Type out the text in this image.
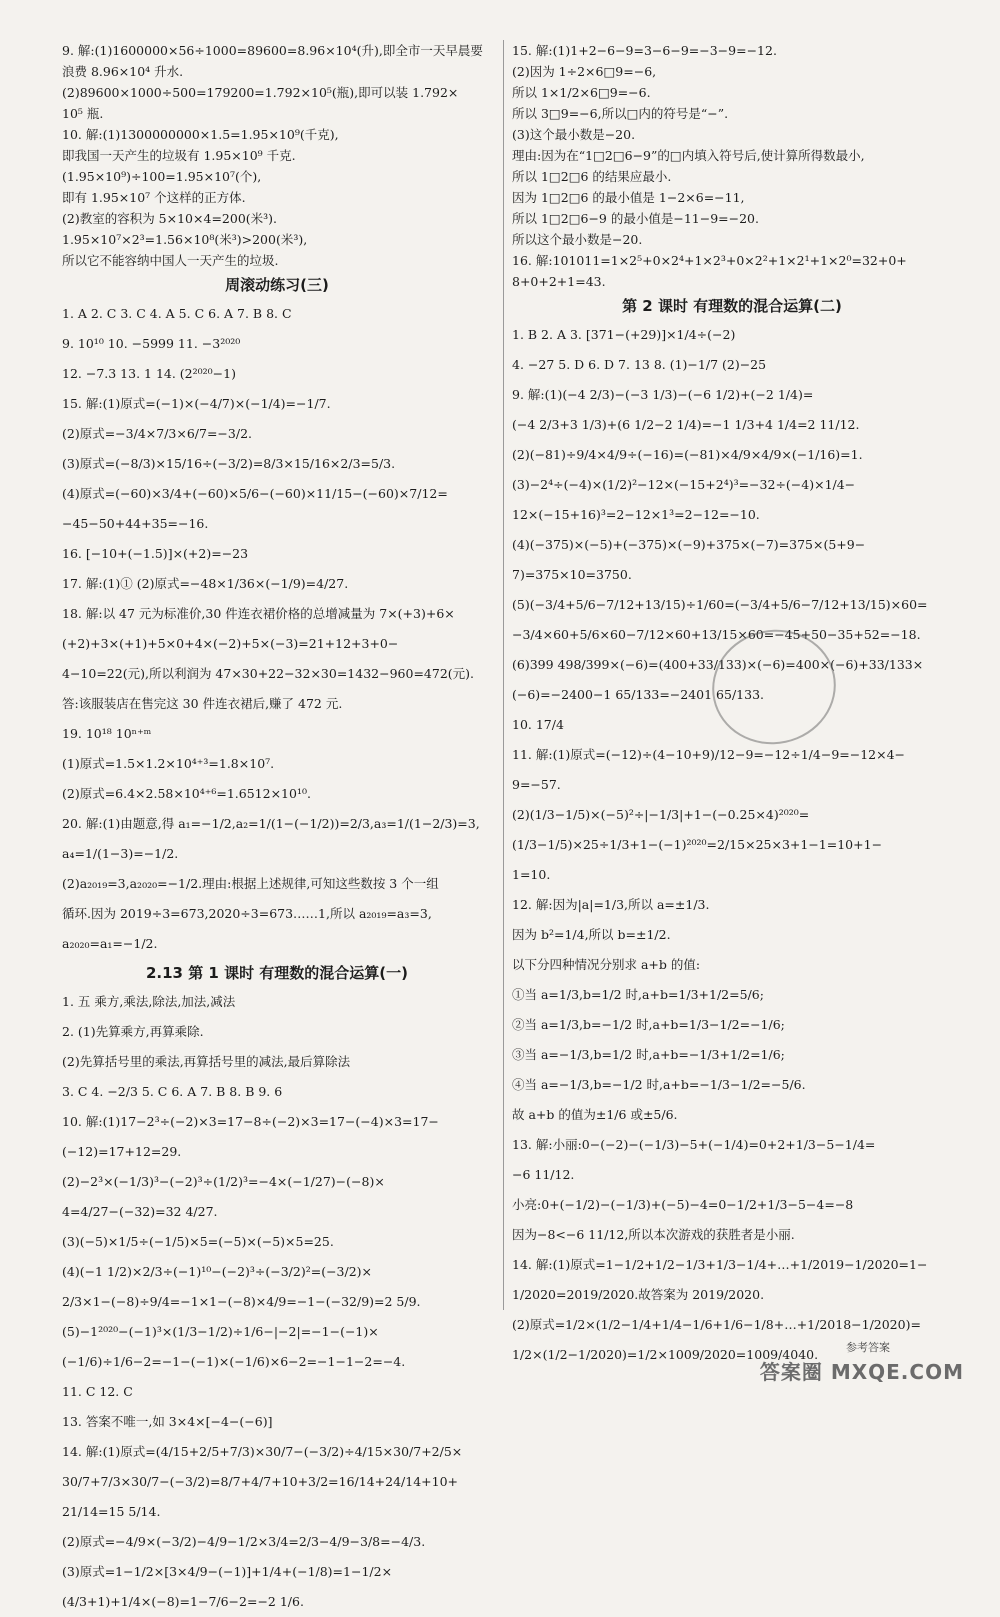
9. 解:(1)1600000×56÷1000=89600=8.96×10⁴(升),即全市一天早晨要
浪费 8.96×10⁴ 升水.
(2)89600×1000÷500=179200=1.792×10⁵(瓶),即可以装 1.792×
10⁵ 瓶.
10. 解:(1)1300000000×1.5=1.95×10⁹(千克),
即我国一天产生的垃圾有 1.95×10⁹ 千克.
(1.95×10⁹)÷100=1.95×10⁷(个),
即有 1.95×10⁷ 个这样的正方体.
(2)教室的容积为 5×10×4=200(米³).
1.95×10⁷×2³=1.56×10⁸(米³)>200(米³),
所以它不能容纳中国人一天产生的垃圾.
周滚动练习(三)
1. A 2. C 3. C 4. A 5. C 6. A 7. B 8. C
9. 10¹⁰ 10. −5999 11. −3²⁰²⁰
12. −7.3 13. 1 14. (2²⁰²⁰−1)
15. 解:(1)原式=(−1)×(−4/7)×(−1/4)=−1/7.
(2)原式=−3/4×7/3×6/7=−3/2.
(3)原式=(−8/3)×15/16÷(−3/2)=8/3×15/16×2/3=5/3.
(4)原式=(−60)×3/4+(−60)×5/6−(−60)×11/15−(−60)×7/12=
−45−50+44+35=−16.
16. [−10+(−1.5)]×(+2)=−23
17. 解:(1)① (2)原式=−48×1/36×(−1/9)=4/27.
18. 解:以 47 元为标准价,30 件连衣裙价格的总增减量为 7×(+3)+6×
(+2)+3×(+1)+5×0+4×(−2)+5×(−3)=21+12+3+0−
4−10=22(元),所以利润为 47×30+22−32×30=1432−960=472(元).
答:该服装店在售完这 30 件连衣裙后,赚了 472 元.
19. 10¹⁸ 10ⁿ⁺ᵐ
(1)原式=1.5×1.2×10⁴⁺³=1.8×10⁷.
(2)原式=6.4×2.58×10⁴⁺⁶=1.6512×10¹⁰.
20. 解:(1)由题意,得 a₁=−1/2,a₂=1/(1−(−1/2))=2/3,a₃=1/(1−2/3)=3,
a₄=1/(1−3)=−1/2.
(2)a₂₀₁₉=3,a₂₀₂₀=−1/2.理由:根据上述规律,可知这些数按 3 个一组
循环.因为 2019÷3=673,2020÷3=673……1,所以 a₂₀₁₉=a₃=3,
a₂₀₂₀=a₁=−1/2.
2.13 第 1 课时 有理数的混合运算(一)
1. 五 乘方,乘法,除法,加法,减法
2. (1)先算乘方,再算乘除.
(2)先算括号里的乘法,再算括号里的减法,最后算除法
3. C 4. −2/3 5. C 6. A 7. B 8. B 9. 6
10. 解:(1)17−2³÷(−2)×3=17−8÷(−2)×3=17−(−4)×3=17−
(−12)=17+12=29.
(2)−2³×(−1/3)³−(−2)³÷(1/2)³=−4×(−1/27)−(−8)×
4=4/27−(−32)=32 4/27.
(3)(−5)×1/5÷(−1/5)×5=(−5)×(−5)×5=25.
(4)(−1 1/2)×2/3÷(−1)¹⁰−(−2)³÷(−3/2)²=(−3/2)×
2/3×1−(−8)÷9/4=−1×1−(−8)×4/9=−1−(−32/9)=2 5/9.
(5)−1²⁰²⁰−(−1)³×(1/3−1/2)÷1/6−|−2|=−1−(−1)×
(−1/6)÷1/6−2=−1−(−1)×(−1/6)×6−2=−1−1−2=−4.
11. C 12. C
13. 答案不唯一,如 3×4×[−4−(−6)]
14. 解:(1)原式=(4/15+2/5+7/3)×30/7−(−3/2)÷4/15×30/7+2/5×
30/7+7/3×30/7−(−3/2)=8/7+4/7+10+3/2=16/14+24/14+10+
21/14=15 5/14.
(2)原式=−4/9×(−3/2)−4/9−1/2×3/4=2/3−4/9−3/8=−4/3.
(3)原式=1−1/2×[3×4/9−(−1)]+1/4+(−1/8)=1−1/2×
(4/3+1)+1/4×(−8)=1−7/6−2=−2 1/6.
15. 解:(1)1+2−6−9=3−6−9=−3−9=−12.
(2)因为 1÷2×6□9=−6,
所以 1×1/2×6□9=−6.
所以 3□9=−6,所以□内的符号是“−”.
(3)这个最小数是−20.
理由:因为在“1□2□6−9”的□内填入符号后,使计算所得数最小,
所以 1□2□6 的结果应最小.
因为 1□2□6 的最小值是 1−2×6=−11,
所以 1□2□6−9 的最小值是−11−9=−20.
所以这个最小数是−20.
16. 解:101011=1×2⁵+0×2⁴+1×2³+0×2²+1×2¹+1×2⁰=32+0+
8+0+2+1=43.
第 2 课时 有理数的混合运算(二)
1. B 2. A 3. [371−(+29)]×1/4÷(−2)
4. −27 5. D 6. D 7. 13 8. (1)−1/7 (2)−25
9. 解:(1)(−4 2/3)−(−3 1/3)−(−6 1/2)+(−2 1/4)=
(−4 2/3+3 1/3)+(6 1/2−2 1/4)=−1 1/3+4 1/4=2 11/12.
(2)(−81)÷9/4×4/9÷(−16)=(−81)×4/9×4/9×(−1/16)=1.
(3)−2⁴÷(−4)×(1/2)²−12×(−15+2⁴)³=−32÷(−4)×1/4−
12×(−15+16)³=2−12×1³=2−12=−10.
(4)(−375)×(−5)+(−375)×(−9)+375×(−7)=375×(5+9−
7)=375×10=3750.
(5)(−3/4+5/6−7/12+13/15)÷1/60=(−3/4+5/6−7/12+13/15)×60=
−3/4×60+5/6×60−7/12×60+13/15×60=−45+50−35+52=−18.
(6)399 498/399×(−6)=(400+33/133)×(−6)=400×(−6)+33/133×
(−6)=−2400−1 65/133=−2401 65/133.
10. 17/4
11. 解:(1)原式=(−12)÷(4−10+9)/12−9=−12÷1/4−9=−12×4−
9=−57.
(2)(1/3−1/5)×(−5)²÷|−1/3|+1−(−0.25×4)²⁰²⁰=
(1/3−1/5)×25÷1/3+1−(−1)²⁰²⁰=2/15×25×3+1−1=10+1−
1=10.
12. 解:因为|a|=1/3,所以 a=±1/3.
因为 b²=1/4,所以 b=±1/2.
以下分四种情况分别求 a+b 的值:
①当 a=1/3,b=1/2 时,a+b=1/3+1/2=5/6;
②当 a=1/3,b=−1/2 时,a+b=1/3−1/2=−1/6;
③当 a=−1/3,b=1/2 时,a+b=−1/3+1/2=1/6;
④当 a=−1/3,b=−1/2 时,a+b=−1/3−1/2=−5/6.
故 a+b 的值为±1/6 或±5/6.
13. 解:小丽:0−(−2)−(−1/3)−5+(−1/4)=0+2+1/3−5−1/4=
−6 11/12.
小亮:0+(−1/2)−(−1/3)+(−5)−4=0−1/2+1/3−5−4=−8
因为−8<−6 11/12,所以本次游戏的获胜者是小丽.
14. 解:(1)原式=1−1/2+1/2−1/3+1/3−1/4+…+1/2019−1/2020=1−
1/2020=2019/2020.故答案为 2019/2020.
(2)原式=1/2×(1/2−1/4+1/4−1/6+1/6−1/8+…+1/2018−1/2020)=
1/2×(1/2−1/2020)=1/2×1009/2020=1009/4040.	参考答案
答案圈 MXQE.COM
